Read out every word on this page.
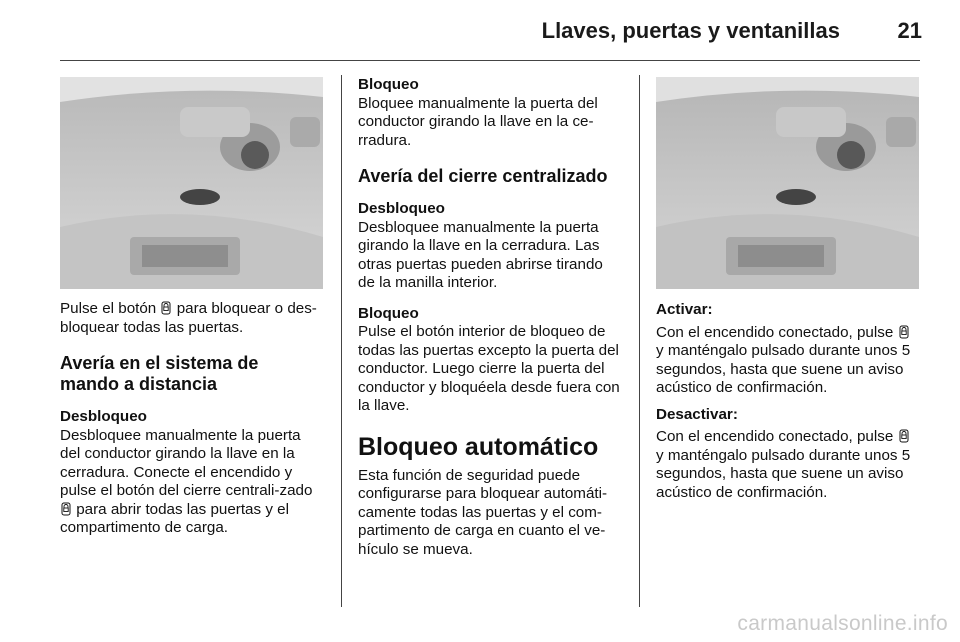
Llaves, puertas y ventanillas	21

Pulse el botón  para bloquear o des-bloquear todas las puertas.

Avería en el sistema de mando a distancia

Desbloqueo

Desbloquee manualmente la puerta del conductor girando la llave en la cerradura. Conecte el encendido y pulse el botón del cierre centrali-zado  para abrir todas las puertas y el compartimento de carga.

Bloqueo

Bloquee manualmente la puerta del conductor girando la llave en la ce-rradura.

Avería del cierre centralizado

Desbloqueo

Desbloquee manualmente la puerta girando la llave en la cerradura. Las otras puertas pueden abrirse tirando de la manilla interior.

Bloqueo

Pulse el botón interior de bloqueo de todas las puertas excepto la puerta del conductor. Luego cierre la puerta del conductor y bloquéela desde fuera con la llave.

Bloqueo automático

Esta función de seguridad puede configurarse para bloquear automáti-camente todas las puertas y el com-partimento de carga en cuanto el ve-hículo se mueva.

Activar:

Con el encendido conectado, pulse  y manténgalo pulsado durante unos 5 segundos, hasta que suene un aviso acústico de confirmación.

Desactivar:

Con el encendido conectado, pulse  y manténgalo pulsado durante unos 5 segundos, hasta que suene un aviso acústico de confirmación.

carmanualsonline.info
